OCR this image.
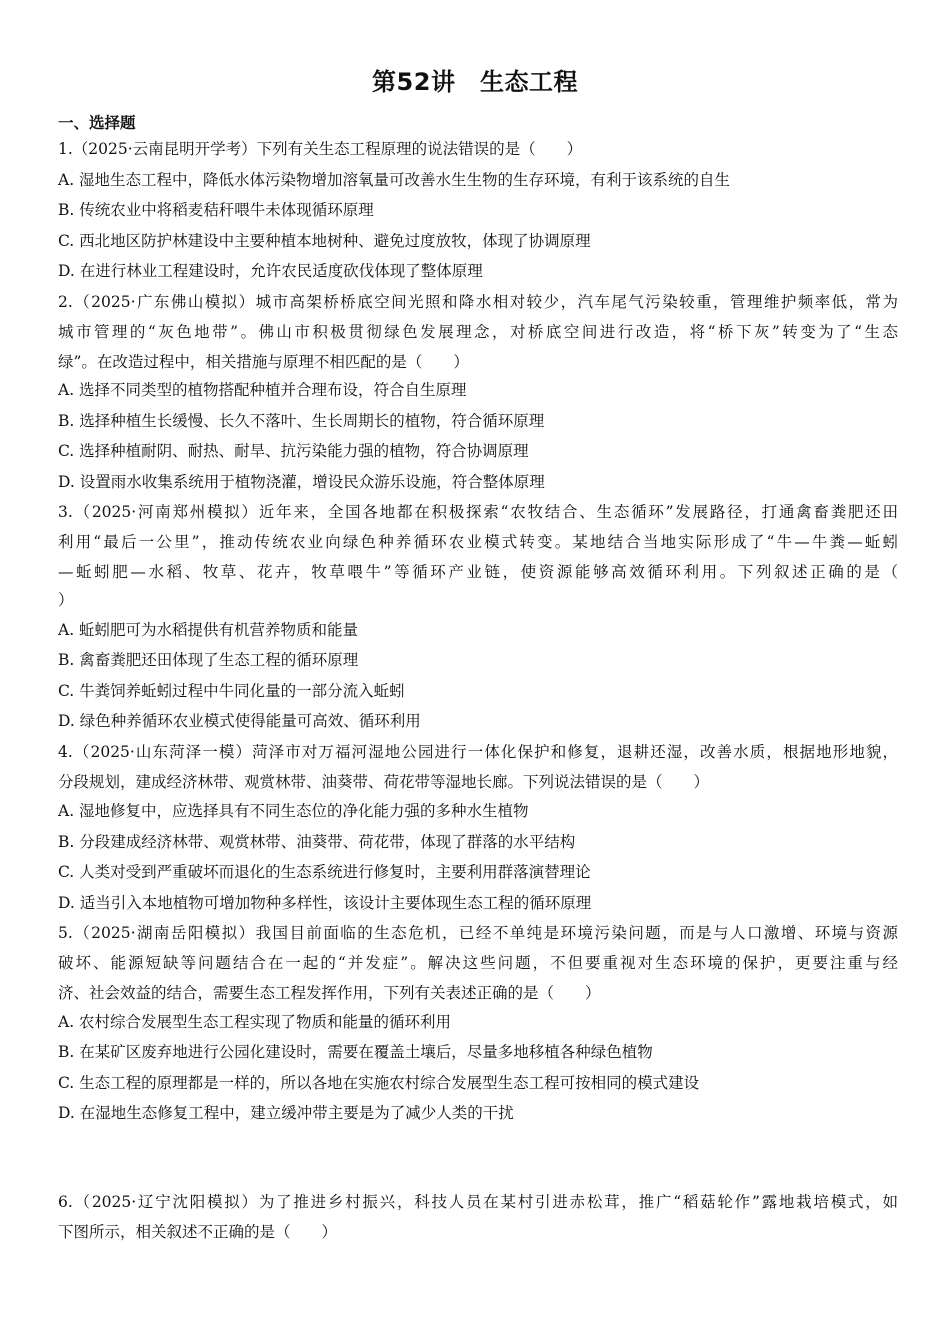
第52讲　生态工程
一、选择题
1.（2025·云南昆明开学考）下列有关生态工程原理的说法错误的是（　　）
A. 湿地生态工程中，降低水体污染物增加溶氧量可改善水生生物的生存环境，有利于该系统的自生
B. 传统农业中将稻麦秸秆喂牛未体现循环原理
C. 西北地区防护林建设中主要种植本地树种、避免过度放牧，体现了协调原理
D. 在进行林业工程建设时，允许农民适度砍伐体现了整体原理
2.（2025·广东佛山模拟）城市高架桥桥底空间光照和降水相对较少，汽车尾气污染较重，管理维护频率低，常为
城市管理的“灰色地带”。佛山市积极贯彻绿色发展理念，对桥底空间进行改造，将“桥下灰”转变为了“生态
绿”。在改造过程中，相关措施与原理不相匹配的是（　　）
A. 选择不同类型的植物搭配种植并合理布设，符合自生原理
B. 选择种植生长缓慢、长久不落叶、生长周期长的植物，符合循环原理
C. 选择种植耐阴、耐热、耐旱、抗污染能力强的植物，符合协调原理
D. 设置雨水收集系统用于植物浇灌，增设民众游乐设施，符合整体原理
3.（2025·河南郑州模拟）近年来，全国各地都在积极探索“农牧结合、生态循环”发展路径，打通禽畜粪肥还田
利用“最后一公里”，推动传统农业向绿色种养循环农业模式转变。某地结合当地实际形成了“牛—牛粪—蚯蚓
—蚯蚓肥—水稻、牧草、花卉，牧草喂牛”等循环产业链，使资源能够高效循环利用。下列叙述正确的是（
）
A. 蚯蚓肥可为水稻提供有机营养物质和能量
B. 禽畜粪肥还田体现了生态工程的循环原理
C. 牛粪饲养蚯蚓过程中牛同化量的一部分流入蚯蚓
D. 绿色种养循环农业模式使得能量可高效、循环利用
4.（2025·山东菏泽一模）菏泽市对万福河湿地公园进行一体化保护和修复，退耕还湿，改善水质，根据地形地貌，
分段规划，建成经济林带、观赏林带、油葵带、荷花带等湿地长廊。下列说法错误的是（　　）
A. 湿地修复中，应选择具有不同生态位的净化能力强的多种水生植物
B. 分段建成经济林带、观赏林带、油葵带、荷花带，体现了群落的水平结构
C. 人类对受到严重破坏而退化的生态系统进行修复时，主要利用群落演替理论
D. 适当引入本地植物可增加物种多样性，该设计主要体现生态工程的循环原理
5.（2025·湖南岳阳模拟）我国目前面临的生态危机，已经不单纯是环境污染问题，而是与人口激增、环境与资源
破坏、能源短缺等问题结合在一起的“并发症”。解决这些问题，不但要重视对生态环境的保护，更要注重与经
济、社会效益的结合，需要生态工程发挥作用，下列有关表述正确的是（　　）
A. 农村综合发展型生态工程实现了物质和能量的循环利用
B. 在某矿区废弃地进行公园化建设时，需要在覆盖土壤后，尽量多地移植各种绿色植物
C. 生态工程的原理都是一样的，所以各地在实施农村综合发展型生态工程可按相同的模式建设
D. 在湿地生态修复工程中，建立缓冲带主要是为了减少人类的干扰
6.（2025·辽宁沈阳模拟）为了推进乡村振兴，科技人员在某村引进赤松茸，推广“稻菇轮作”露地栽培模式，如
下图所示，相关叙述不正确的是（　　）
